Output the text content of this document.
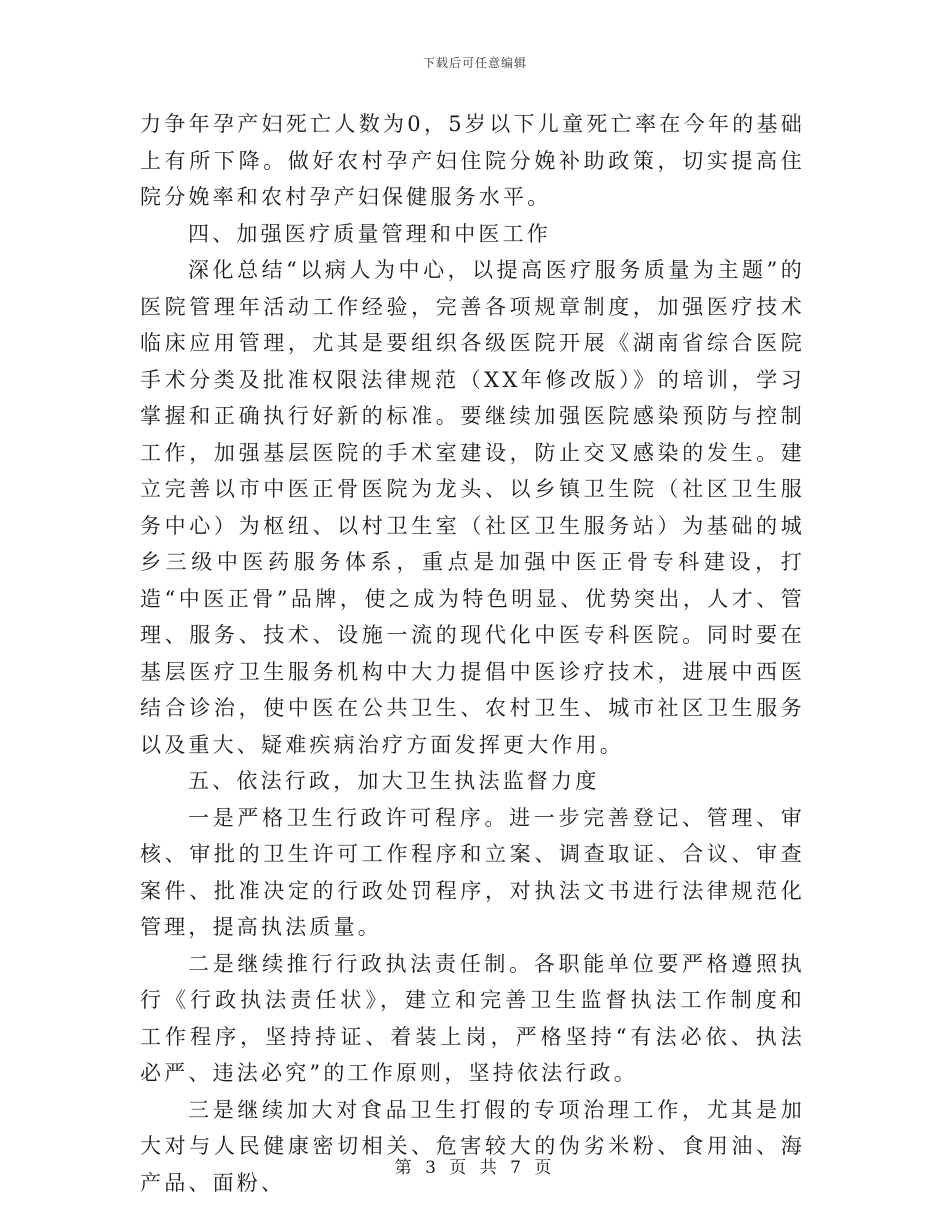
下载后可任意编辑

力争年孕产妇死亡人数为0，5岁以下儿童死亡率在今年的基础上有所下降。做好农村孕产妇住院分娩补助政策，切实提高住院分娩率和农村孕产妇保健服务水平。

四、加强医疗质量管理和中医工作

深化总结“以病人为中心，以提高医疗服务质量为主题”的医院管理年活动工作经验，完善各项规章制度，加强医疗技术临床应用管理，尤其是要组织各级医院开展《湖南省综合医院手术分类及批准权限法律规范（XX年修改版）》的培训，学习掌握和正确执行好新的标准。要继续加强医院感染预防与控制工作，加强基层医院的手术室建设，防止交叉感染的发生。建立完善以市中医正骨医院为龙头、以乡镇卫生院（社区卫生服务中心）为枢纽、以村卫生室（社区卫生服务站）为基础的城乡三级中医药服务体系，重点是加强中医正骨专科建设，打造“中医正骨”品牌，使之成为特色明显、优势突出，人才、管理、服务、技术、设施一流的现代化中医专科医院。同时要在基层医疗卫生服务机构中大力提倡中医诊疗技术，进展中西医结合诊治，使中医在公共卫生、农村卫生、城市社区卫生服务以及重大、疑难疾病治疗方面发挥更大作用。

五、依法行政，加大卫生执法监督力度

一是严格卫生行政许可程序。进一步完善登记、管理、审核、审批的卫生许可工作程序和立案、调查取证、合议、审查案件、批准决定的行政处罚程序，对执法文书进行法律规范化管理，提高执法质量。

二是继续推行行政执法责任制。各职能单位要严格遵照执行《行政执法责任状》，建立和完善卫生监督执法工作制度和工作程序，坚持持证、着装上岗，严格坚持“有法必依、执法必严、违法必究”的工作原则，坚持依法行政。

三是继续加大对食品卫生打假的专项治理工作，尤其是加大对与人民健康密切相关、危害较大的伪劣米粉、食用油、海产品、面粉、

第 3 页 共 7 页
